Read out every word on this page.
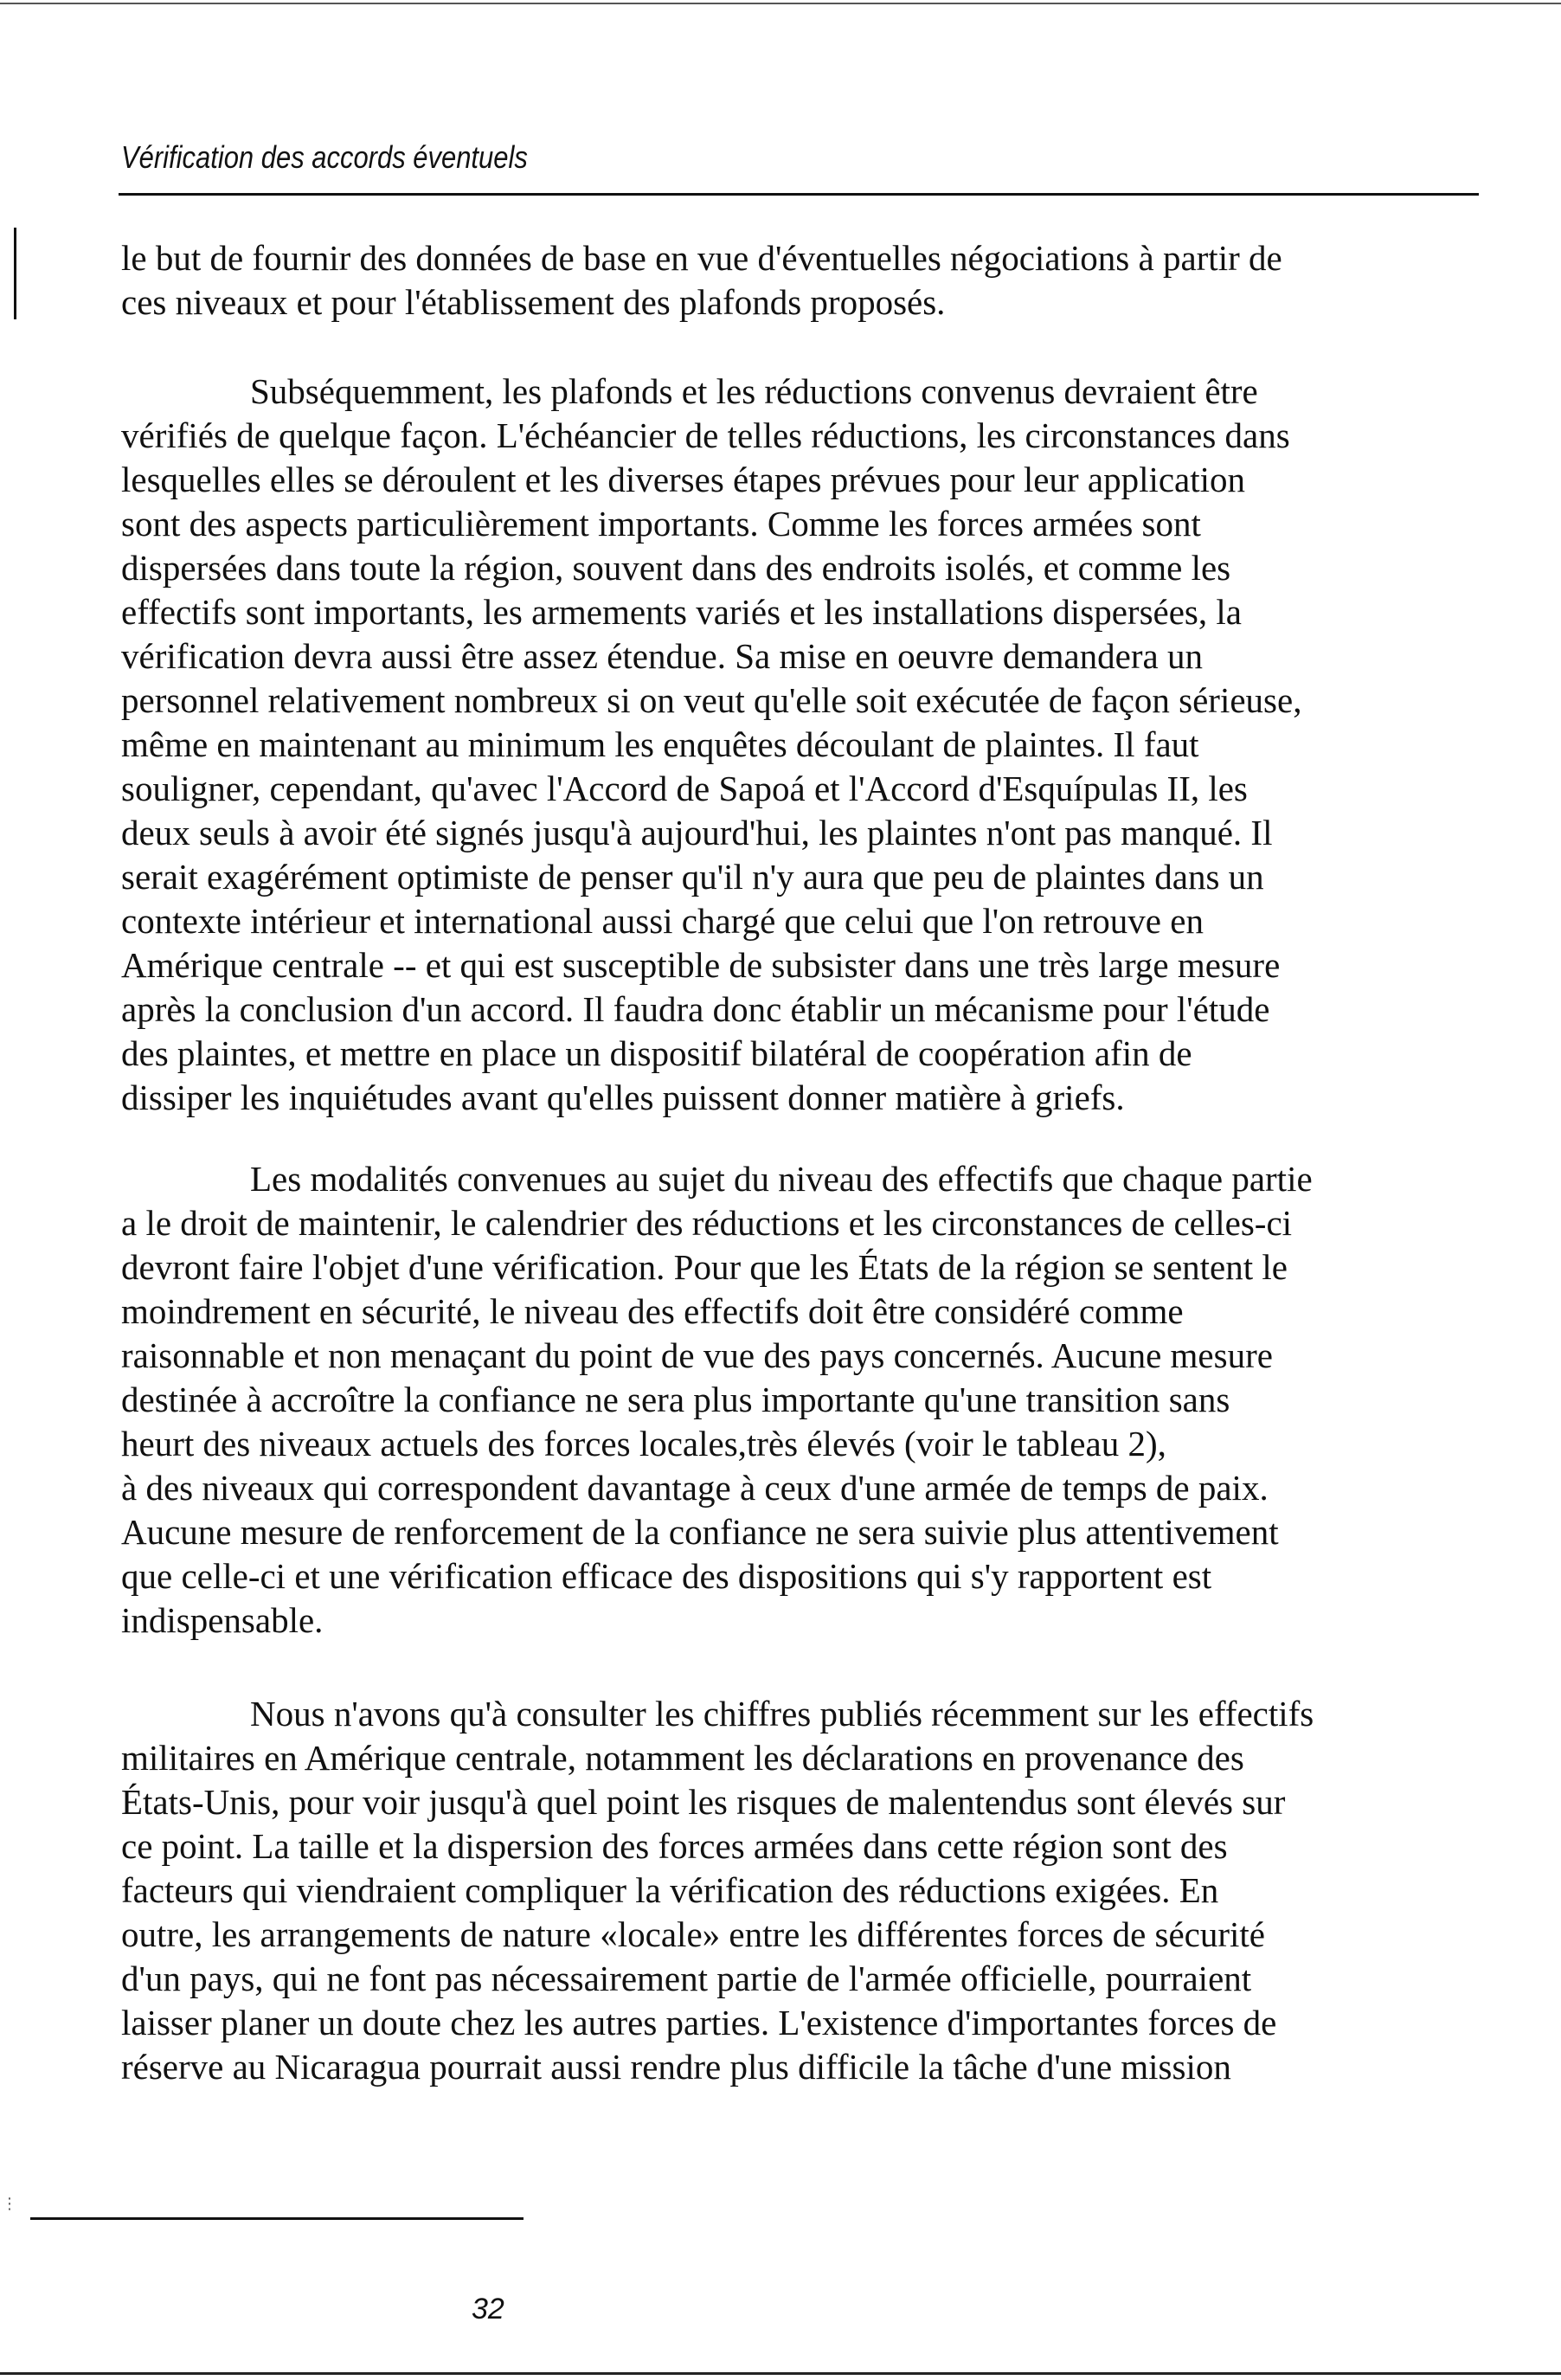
Vérification des accords éventuels
le but de fournir des données de base en vue d'éventuelles négociations à partir de
ces niveaux et pour l'établissement des plafonds proposés.
Subséquemment, les plafonds et les réductions convenus devraient être
vérifiés de quelque façon. L'échéancier de telles réductions, les circonstances dans
lesquelles elles se déroulent et les diverses étapes prévues pour leur application
sont des aspects particulièrement importants. Comme les forces armées sont
dispersées dans toute la région, souvent dans des endroits isolés, et comme les
effectifs sont importants, les armements variés et les installations dispersées, la
vérification devra aussi être assez étendue. Sa mise en oeuvre demandera un
personnel relativement nombreux si on veut qu'elle soit exécutée de façon sérieuse,
même en maintenant au minimum les enquêtes découlant de plaintes. Il faut
souligner, cependant, qu'avec l'Accord de Sapoá et l'Accord d'Esquípulas II, les
deux seuls à avoir été signés jusqu'à aujourd'hui, les plaintes n'ont pas manqué. Il
serait exagérément optimiste de penser qu'il n'y aura que peu de plaintes dans un
contexte intérieur et international aussi chargé que celui que l'on retrouve en
Amérique centrale -- et qui est susceptible de subsister dans une très large mesure
après la conclusion d'un accord. Il faudra donc établir un mécanisme pour l'étude
des plaintes, et mettre en place un dispositif bilatéral de coopération afin de
dissiper les inquiétudes avant qu'elles puissent donner matière à griefs.
Les modalités convenues au sujet du niveau des effectifs que chaque partie
a le droit de maintenir, le calendrier des réductions et les circonstances de celles-ci
devront faire l'objet d'une vérification. Pour que les États de la région se sentent le
moindrement en sécurité, le niveau des effectifs doit être considéré comme
raisonnable et non menaçant du point de vue des pays concernés. Aucune mesure
destinée à accroître la confiance ne sera plus importante qu'une transition sans
heurt des niveaux actuels des forces locales,très élevés (voir le tableau 2),
à des niveaux qui correspondent davantage à ceux d'une armée de temps de paix.
Aucune mesure de renforcement de la confiance ne sera suivie plus attentivement
que celle-ci et une vérification efficace des dispositions qui s'y rapportent est
indispensable.
Nous n'avons qu'à consulter les chiffres publiés récemment sur les effectifs
militaires en Amérique centrale, notamment les déclarations en provenance des
États-Unis, pour voir jusqu'à quel point les risques de malentendus sont élevés sur
ce point. La taille et la dispersion des forces armées dans cette région sont des
facteurs qui viendraient compliquer la vérification des réductions exigées. En
outre, les arrangements de nature «locale» entre les différentes forces de sécurité
d'un pays, qui ne font pas nécessairement partie de l'armée officielle, pourraient
laisser planer un doute chez les autres parties. L'existence d'importantes forces de
réserve au Nicaragua pourrait aussi rendre plus difficile la tâche d'une mission
⋮
32
